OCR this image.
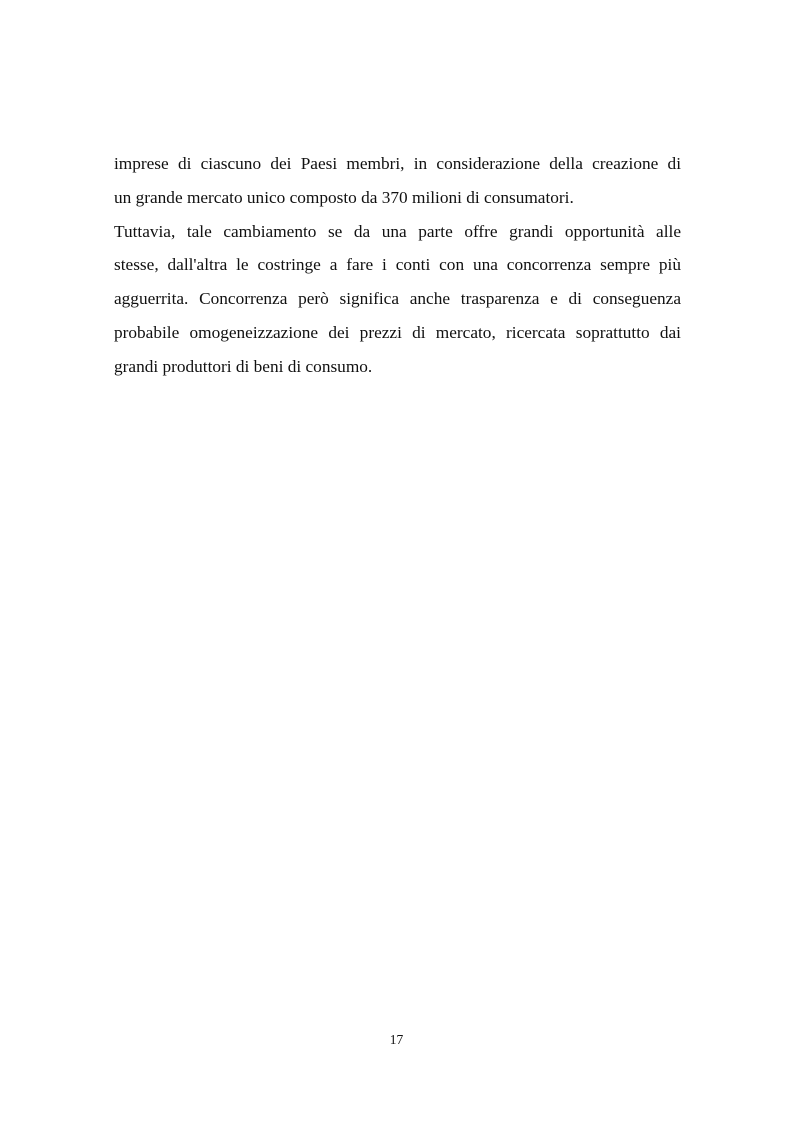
imprese di ciascuno dei Paesi membri, in considerazione della creazione di
un grande mercato unico composto da 370 milioni di consumatori.

Tuttavia, tale cambiamento se da una parte offre grandi opportunità alle
stesse, dall'altra le costringe a fare i conti con una concorrenza sempre più
agguerrita. Concorrenza però significa anche trasparenza e di conseguenza
probabile omogeneizzazione dei prezzi di mercato, ricercata soprattutto dai
grandi produttori di beni di consumo.

17
